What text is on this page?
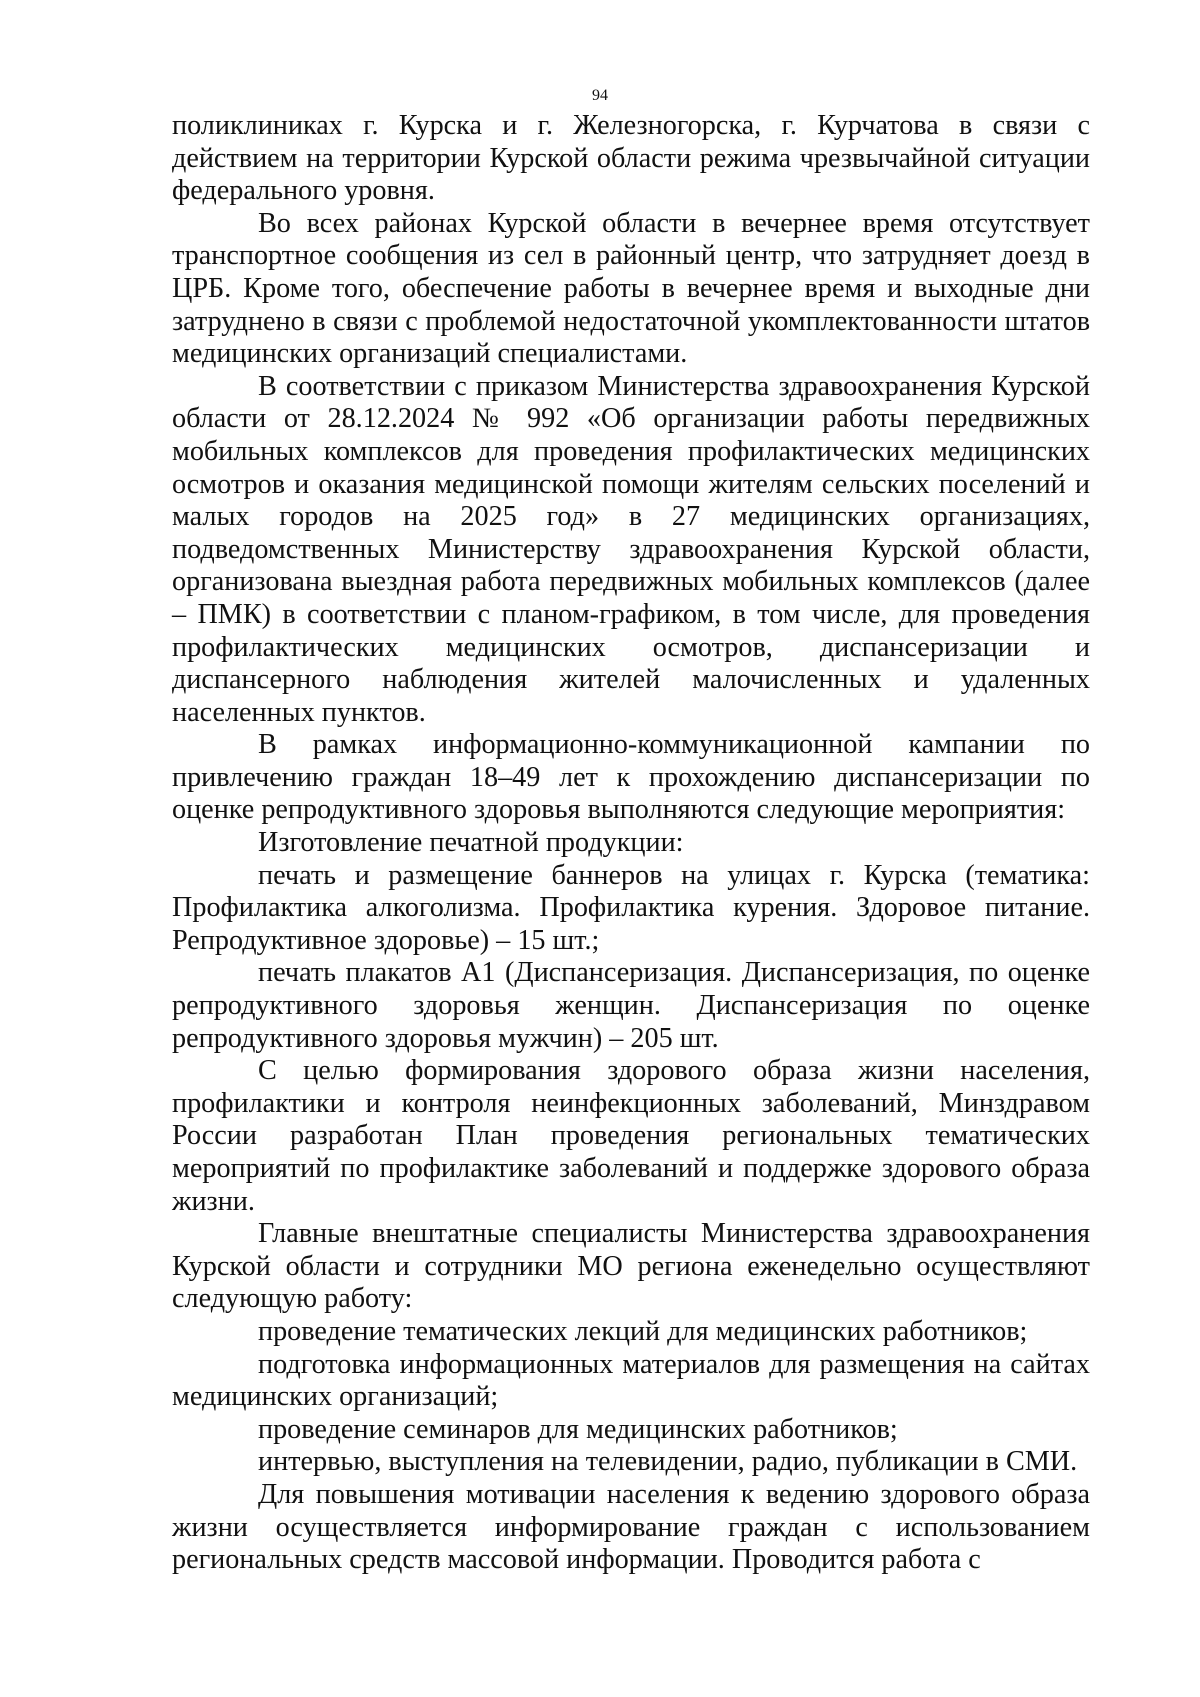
94

поликлиниках г. Курска и г. Железногорска, г. Курчатова в связи с действием на территории Курской области режима чрезвычайной ситуации федерального уровня.

Во всех районах Курской области в вечернее время отсутствует транспортное сообщения из сел в районный центр, что затрудняет доезд в ЦРБ. Кроме того, обеспечение работы в вечернее время и выходные дни затруднено в связи с проблемой недостаточной укомплектованности штатов медицинских организаций специалистами.

В соответствии с приказом Министерства здравоохранения Курской области от 28.12.2024 № 992 «Об организации работы передвижных мобильных комплексов для проведения профилактических медицинских осмотров и оказания медицинской помощи жителям сельских поселений и малых городов на 2025 год» в 27 медицинских организациях, подведомственных Министерству здравоохранения Курской области, организована выездная работа передвижных мобильных комплексов (далее – ПМК) в соответствии с планом-графиком, в том числе, для проведения профилактических медицинских осмотров, диспансеризации и диспансерного наблюдения жителей малочисленных и удаленных населенных пунктов.

В рамках информационно-коммуникационной кампании по привлечению граждан 18–49 лет к прохождению диспансеризации по оценке репродуктивного здоровья выполняются следующие мероприятия:

Изготовление печатной продукции:

печать и размещение баннеров на улицах г. Курска (тематика: Профилактика алкоголизма. Профилактика курения. Здоровое питание. Репродуктивное здоровье) – 15 шт.;

печать плакатов А1 (Диспансеризация. Диспансеризация, по оценке репродуктивного здоровья женщин. Диспансеризация по оценке репродуктивного здоровья мужчин) – 205 шт.

С целью формирования здорового образа жизни населения, профилактики и контроля неинфекционных заболеваний, Минздравом России разработан План проведения региональных тематических мероприятий по профилактике заболеваний и поддержке здорового образа жизни.

Главные внештатные специалисты Министерства здравоохранения Курской области и сотрудники МО региона еженедельно осуществляют следующую работу:

проведение тематических лекций для медицинских работников;

подготовка информационных материалов для размещения на сайтах медицинских организаций;

проведение семинаров для медицинских работников;

интервью, выступления на телевидении, радио, публикации в СМИ.

Для повышения мотивации населения к ведению здорового образа жизни осуществляется информирование граждан с использованием региональных средств массовой информации. Проводится работа с
